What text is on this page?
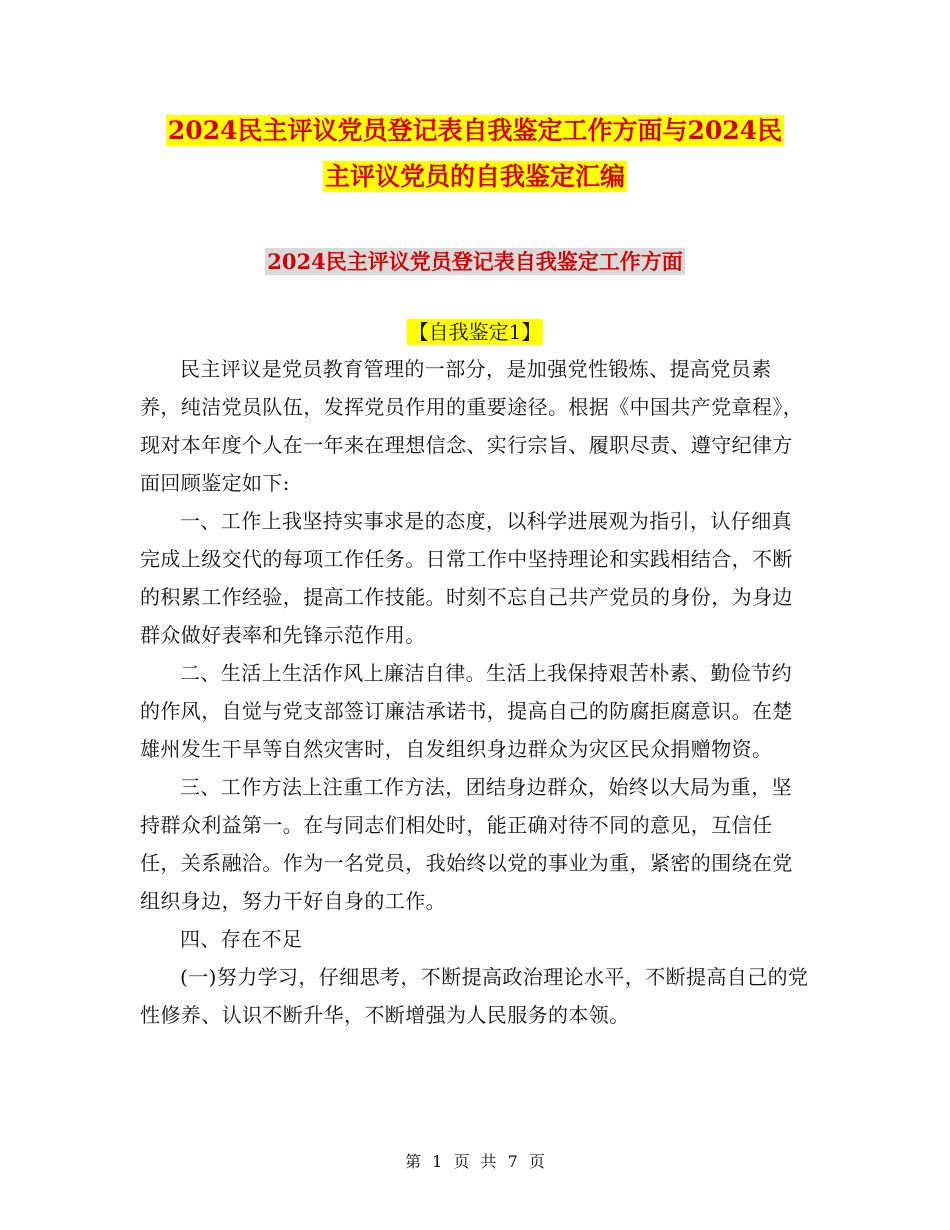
2024民主评议党员登记表自我鉴定工作方面与2024民
主评议党员的自我鉴定汇编
2024民主评议党员登记表自我鉴定工作方面
【自我鉴定1】

民主评议是党员教育管理的一部分，是加强党性锻炼、提高党员素养，纯洁党员队伍，发挥党员作用的重要途径。根据《中国共产党章程》，现对本年度个人在一年来在理想信念、实行宗旨、履职尽责、遵守纪律方面回顾鉴定如下:

一、工作上我坚持实事求是的态度，以科学进展观为指引，认仔细真完成上级交代的每项工作任务。日常工作中坚持理论和实践相结合，不断的积累工作经验，提高工作技能。时刻不忘自己共产党员的身份，为身边群众做好表率和先锋示范作用。

二、生活上生活作风上廉洁自律。生活上我保持艰苦朴素、勤俭节约的作风，自觉与党支部签订廉洁承诺书，提高自己的防腐拒腐意识。在楚雄州发生干旱等自然灾害时，自发组织身边群众为灾区民众捐赠物资。

三、工作方法上注重工作方法，团结身边群众，始终以大局为重，坚持群众利益第一。在与同志们相处时，能正确对待不同的意见，互信任任，关系融洽。作为一名党员，我始终以党的事业为重，紧密的围绕在党组织身边，努力干好自身的工作。

四、存在不足

(一)努力学习，仔细思考，不断提高政治理论水平，不断提高自己的党性修养、认识不断升华，不断增强为人民服务的本领。

第 1 页 共 7 页
